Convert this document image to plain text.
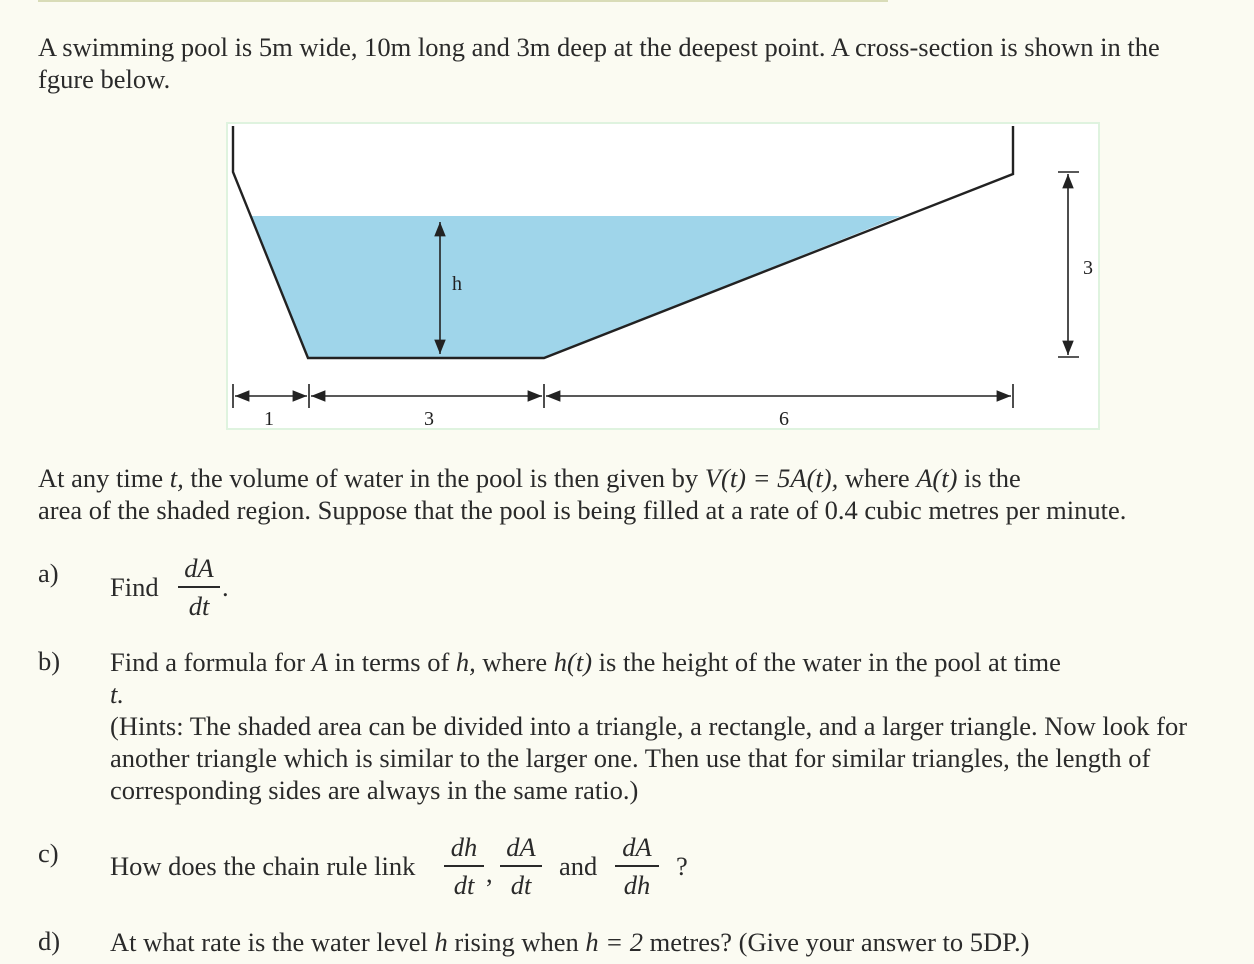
A swimming pool is 5m wide, 10m long and 3m deep at the deepest point. A cross-section is shown in the fgure below.
h
3
1	3	6
At any time t, the volume of water in the pool is then given by V(t) = 5A(t), where A(t) is the
area of the shaded region. Suppose that the pool is being filled at a rate of 0.4 cubic metres per minute.
a) Find
dA
dt
.
b) Find a formula for A in terms of h, where h(t) is the height of the water in the pool at time
t.
(Hints: The shaded area can be divided into a triangle, a rectangle, and a larger triangle. Now look for another triangle which is similar to the larger one. Then use that for similar triangles, the length of corresponding sides are always in the same ratio.)
c) How does the chain rule link
dh
dt ,
dA
dt
and
dA
dh
?
d) At what rate is the water level h rising when h = 2 metres? (Give your answer to 5DP.)
